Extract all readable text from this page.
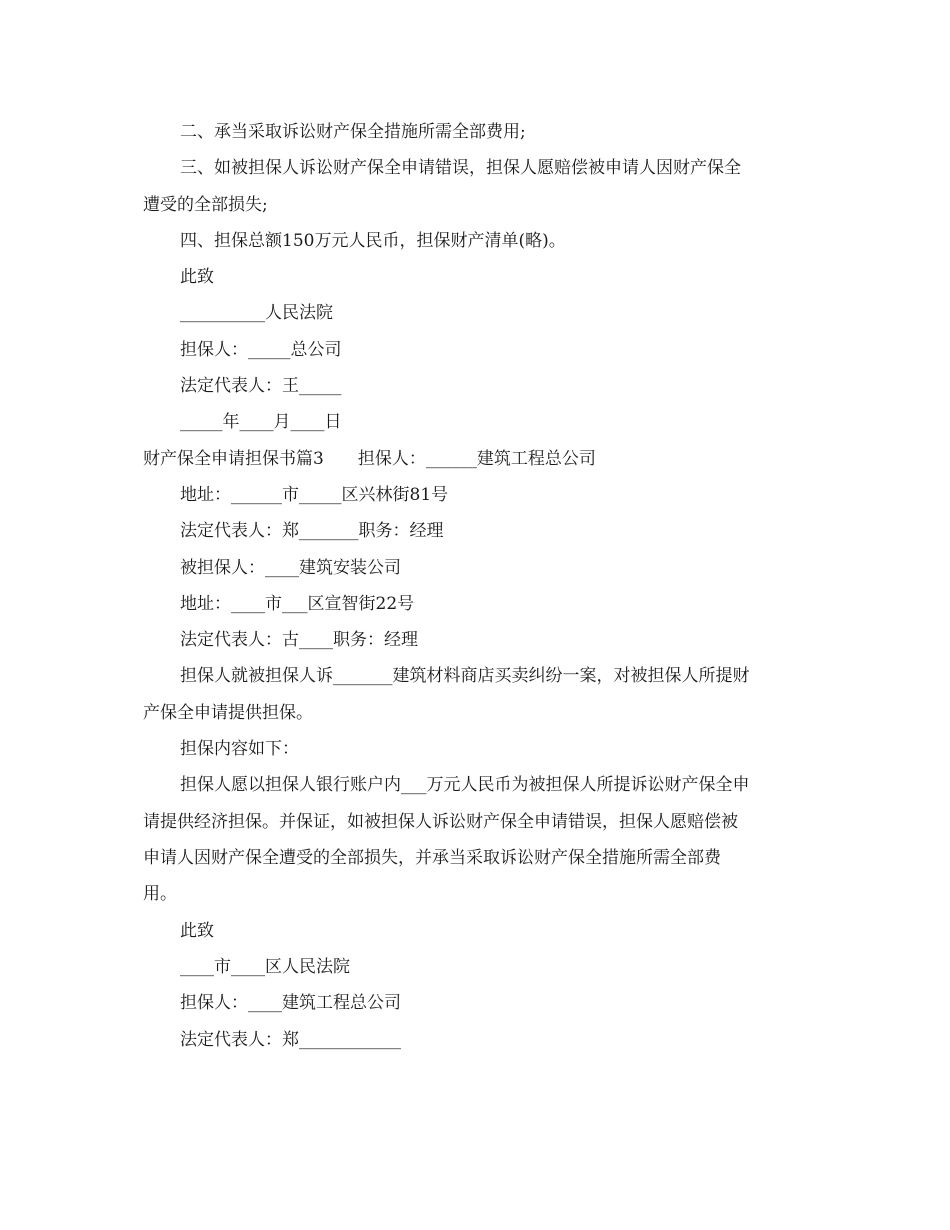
二、承当采取诉讼财产保全措施所需全部费用;
三、如被担保人诉讼财产保全申请错误，担保人愿赔偿被申请人因财产保全
遭受的全部损失;
四、担保总额150万元人民币，担保财产清单(略)。
此致
__________人民法院
担保人：_____总公司
法定代表人：王_____
_____年____月____日
财产保全申请担保书篇3　　担保人：______建筑工程总公司
地址：______市_____区兴林街81号
法定代表人：郑_______职务：经理
被担保人：____建筑安装公司
地址：____市___区宣智街22号
法定代表人：古____职务：经理
担保人就被担保人诉_______建筑材料商店买卖纠纷一案，对被担保人所提财
产保全申请提供担保。
担保内容如下：
担保人愿以担保人银行账户内___万元人民币为被担保人所提诉讼财产保全申
请提供经济担保。并保证，如被担保人诉讼财产保全申请错误，担保人愿赔偿被
申请人因财产保全遭受的全部损失，并承当采取诉讼财产保全措施所需全部费
用。
此致
____市____区人民法院
担保人：____建筑工程总公司
法定代表人：郑____________
